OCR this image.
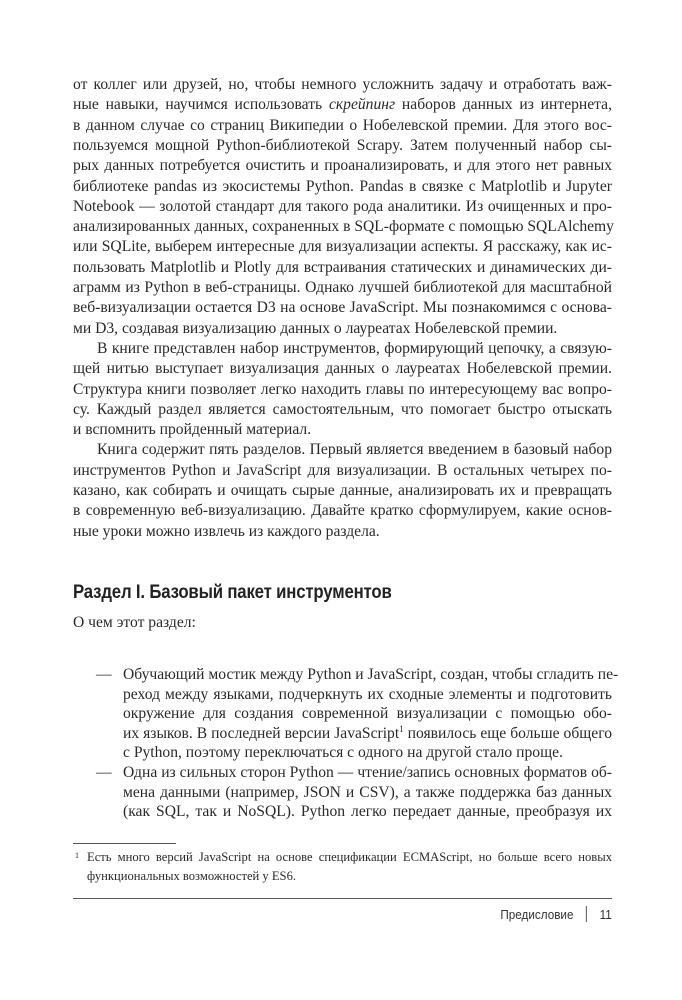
от коллег или друзей, но, чтобы немного усложнить задачу и отработать важ-
ные навыки, научимся использовать скрейпинг наборов данных из интернета,
в данном случае со страниц Википедии о Нобелевской премии. Для этого вос-
пользуемся мощной Python-библиотекой Scrapy. Затем полученный набор сы-
рых данных потребуется очистить и проанализировать, и для этого нет равных
библиотеке pandas из экосистемы Python. Pandas в связке с Matplotlib и Jupyter
Notebook — золотой стандарт для такого рода аналитики. Из очищенных и про-
анализированных данных, сохраненных в SQL-формате с помощью SQLAlchemy
или SQLite, выберем интересные для визуализации аспекты. Я расскажу, как ис-
пользовать Matplotlib и Plotly для встраивания статических и динамических ди-
аграмм из Python в веб-страницы. Однако лучшей библиотекой для масштабной
веб-визуализации остается D3 на основе JavaScript. Мы познакомимся с основа-
ми D3, создавая визуализацию данных о лауреатах Нобелевской премии.
В книге представлен набор инструментов, формирующий цепочку, а связую-
щей нитью выступает визуализация данных о лауреатах Нобелевской премии.
Структура книги позволяет легко находить главы по интересующему вас вопро-
су. Каждый раздел является самостоятельным, что помогает быстро отыскать
и вспомнить пройденный материал.
Книга содержит пять разделов. Первый является введением в базовый набор
инструментов Python и JavaScript для визуализации. В остальных четырех по-
казано, как собирать и очищать сырые данные, анализировать их и превращать
в современную веб-визуализацию. Давайте кратко сформулируем, какие основ-
ные уроки можно извлечь из каждого раздела.
Раздел I. Базовый пакет инструментов
О чем этот раздел:
— Обучающий мостик между Python и JavaScript, создан, чтобы сгладить пе-
реход между языками, подчеркнуть их сходные элементы и подготовить
окружение для создания современной визуализации с помощью обо-
их языков. В последней версии JavaScript$^1$ появилось еще больше общего
с Python, поэтому переключаться с одного на другой стало проще.
— Одна из сильных сторон Python — чтение/запись основных форматов об-
мена данными (например, JSON и CSV), а также поддержка баз данных
(как SQL, так и NoSQL). Python легко передает данные, преобразуя их
1 Есть много версий JavaScript на основе спецификации ECMAScript, но больше всего новых
функциональных возможностей у ES6.
Предисловие 11
